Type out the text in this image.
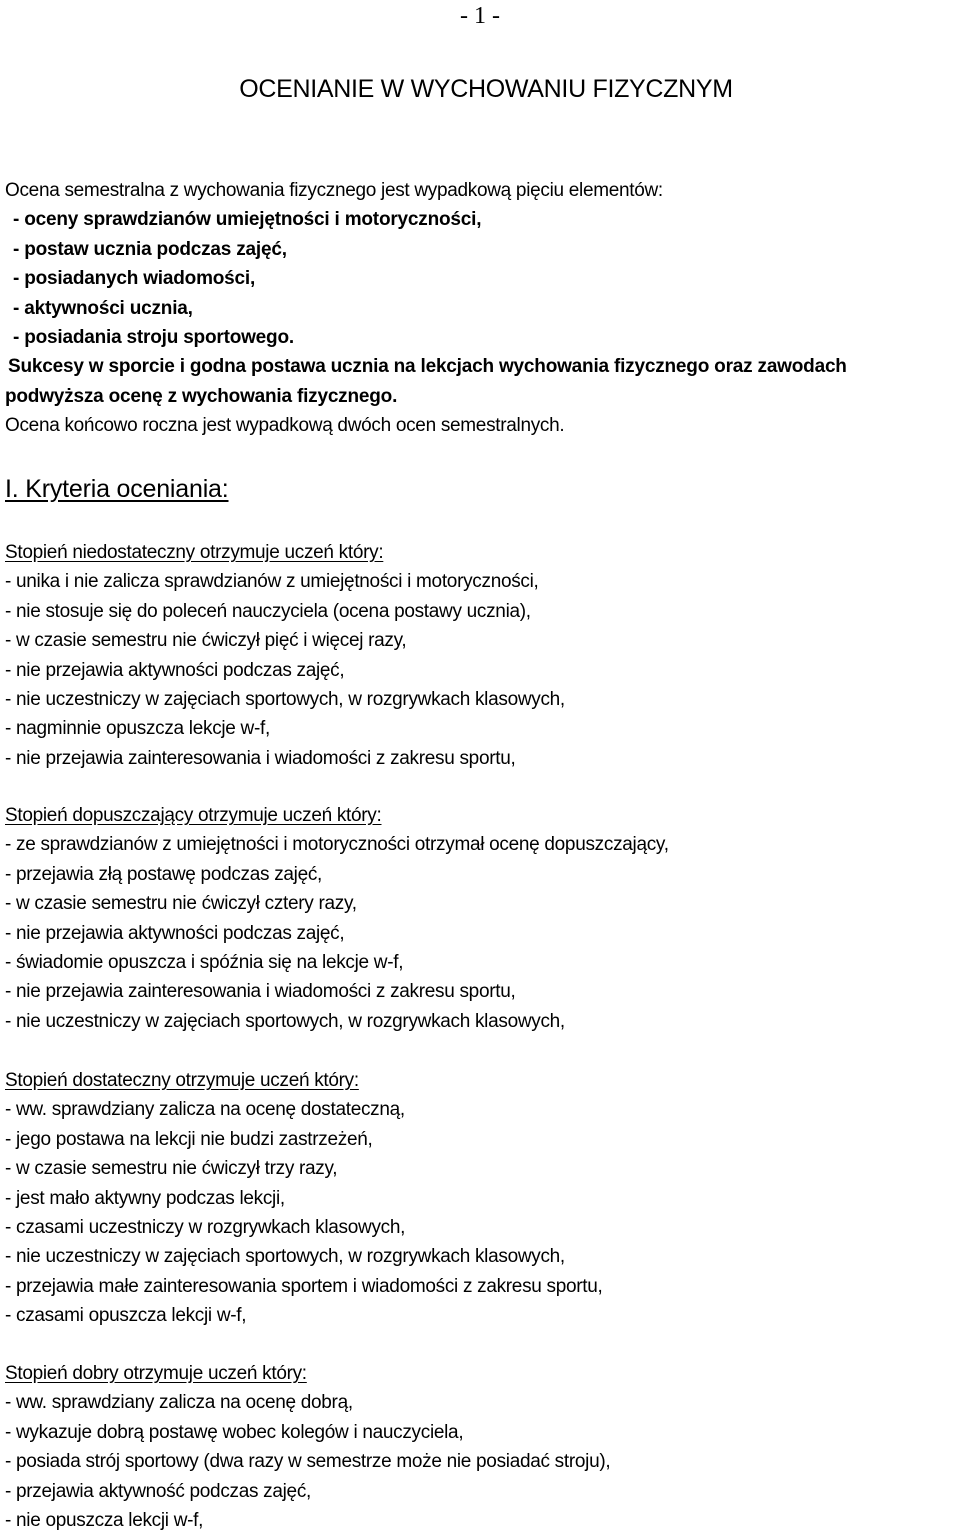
- 1 -
OCENIANIE W WYCHOWANIU FIZYCZNYM
Ocena semestralna z wychowania fizycznego jest wypadkową pięciu elementów:
- oceny sprawdzianów umiejętności i motoryczności,
- postaw ucznia podczas zajęć,
- posiadanych wiadomości,
- aktywności ucznia,
- posiadania stroju sportowego.
Sukcesy w sporcie i godna postawa ucznia na lekcjach wychowania fizycznego oraz zawodach
podwyższa ocenę z wychowania fizycznego.
Ocena końcowo roczna jest wypadkową dwóch ocen semestralnych.
I. Kryteria oceniania:
Stopień niedostateczny otrzymuje uczeń który:
- unika i nie zalicza sprawdzianów z umiejętności i motoryczności,
- nie stosuje się do poleceń nauczyciela (ocena postawy ucznia),
- w czasie semestru nie ćwiczył pięć i więcej razy,
- nie przejawia aktywności podczas zajęć,
- nie uczestniczy w zajęciach sportowych, w rozgrywkach klasowych,
- nagminnie opuszcza lekcje w-f,
- nie przejawia zainteresowania i wiadomości z zakresu sportu,
Stopień dopuszczający otrzymuje uczeń który:
- ze sprawdzianów z umiejętności i motoryczności otrzymał ocenę dopuszczający,
- przejawia złą postawę podczas zajęć,
- w czasie semestru nie ćwiczył cztery razy,
- nie przejawia aktywności podczas zajęć,
- świadomie opuszcza i spóźnia się na lekcje w-f,
- nie przejawia zainteresowania i wiadomości z zakresu sportu,
- nie uczestniczy w zajęciach sportowych, w rozgrywkach klasowych,
Stopień dostateczny otrzymuje uczeń który:
- ww. sprawdziany zalicza na ocenę dostateczną,
- jego postawa na lekcji nie budzi zastrzeżeń,
- w czasie semestru nie ćwiczył trzy razy,
- jest mało aktywny podczas lekcji,
- czasami uczestniczy w rozgrywkach klasowych,
- nie uczestniczy w zajęciach sportowych, w rozgrywkach klasowych,
- przejawia małe zainteresowania sportem i wiadomości z zakresu sportu,
- czasami opuszcza lekcji w-f,
Stopień dobry otrzymuje uczeń który:
- ww. sprawdziany zalicza na ocenę dobrą,
- wykazuje dobrą postawę wobec kolegów i nauczyciela,
- posiada strój sportowy (dwa razy w semestrze może nie posiadać stroju),
- przejawia aktywność podczas zajęć,
- nie opuszcza lekcji w-f,
